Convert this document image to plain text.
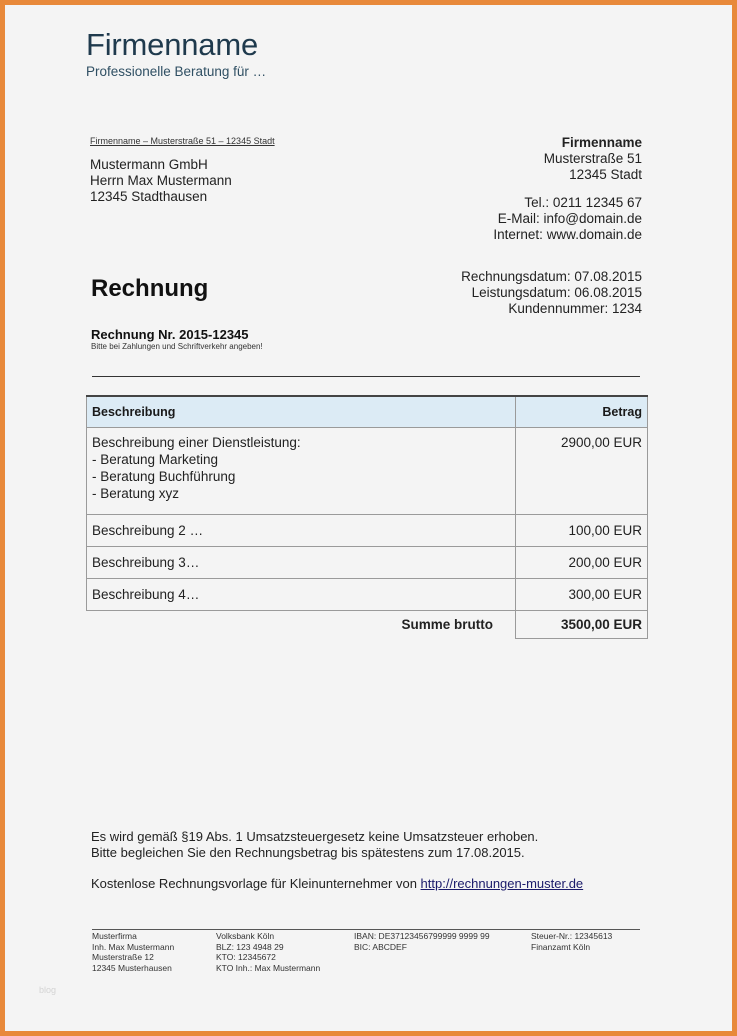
Firmenname
Professionelle Beratung für …
Firmenname – Musterstraße 51 – 12345 Stadt
Mustermann GmbH
Herrn Max Mustermann
12345 Stadthausen
Firmenname
Musterstraße 51
12345 Stadt
Tel.: 0211 12345 67
E-Mail: info@domain.de
Internet: www.domain.de
Rechnung	Rechnungsdatum: 07.08.2015
Leistungsdatum: 06.08.2015
Kundennummer: 1234
Rechnung Nr. 2015-12345
Bitte bei Zahlungen und Schriftverkehr angeben!
Beschreibung	Betrag

Beschreibung einer Dienstleistung:
- Beratung Marketing
- Beratung Buchführung
- Beratung xyz	2900,00 EUR
Beschreibung 2 …	100,00 EUR
Beschreibung 3…	200,00 EUR
Beschreibung 4…	300,00 EUR
Summe brutto	3500,00 EUR
Es wird gemäß §19 Abs. 1 Umsatzsteuergesetz keine Umsatzsteuer erhoben.
Bitte begleichen Sie den Rechnungsbetrag bis spätestens zum 17.08.2015.
Kostenlose Rechnungsvorlage für Kleinunternehmer von http://rechnungen-muster.de
Musterfirma
Inh. Max Mustermann
Musterstraße 12
12345 Musterhausen
Volksbank Köln
BLZ: 123 4948 29
KTO: 12345672
KTO Inh.: Max Mustermann
IBAN: DE37123456799999 9999 99
BIC: ABCDEF
Steuer-Nr.: 12345613
Finanzamt Köln
blog
